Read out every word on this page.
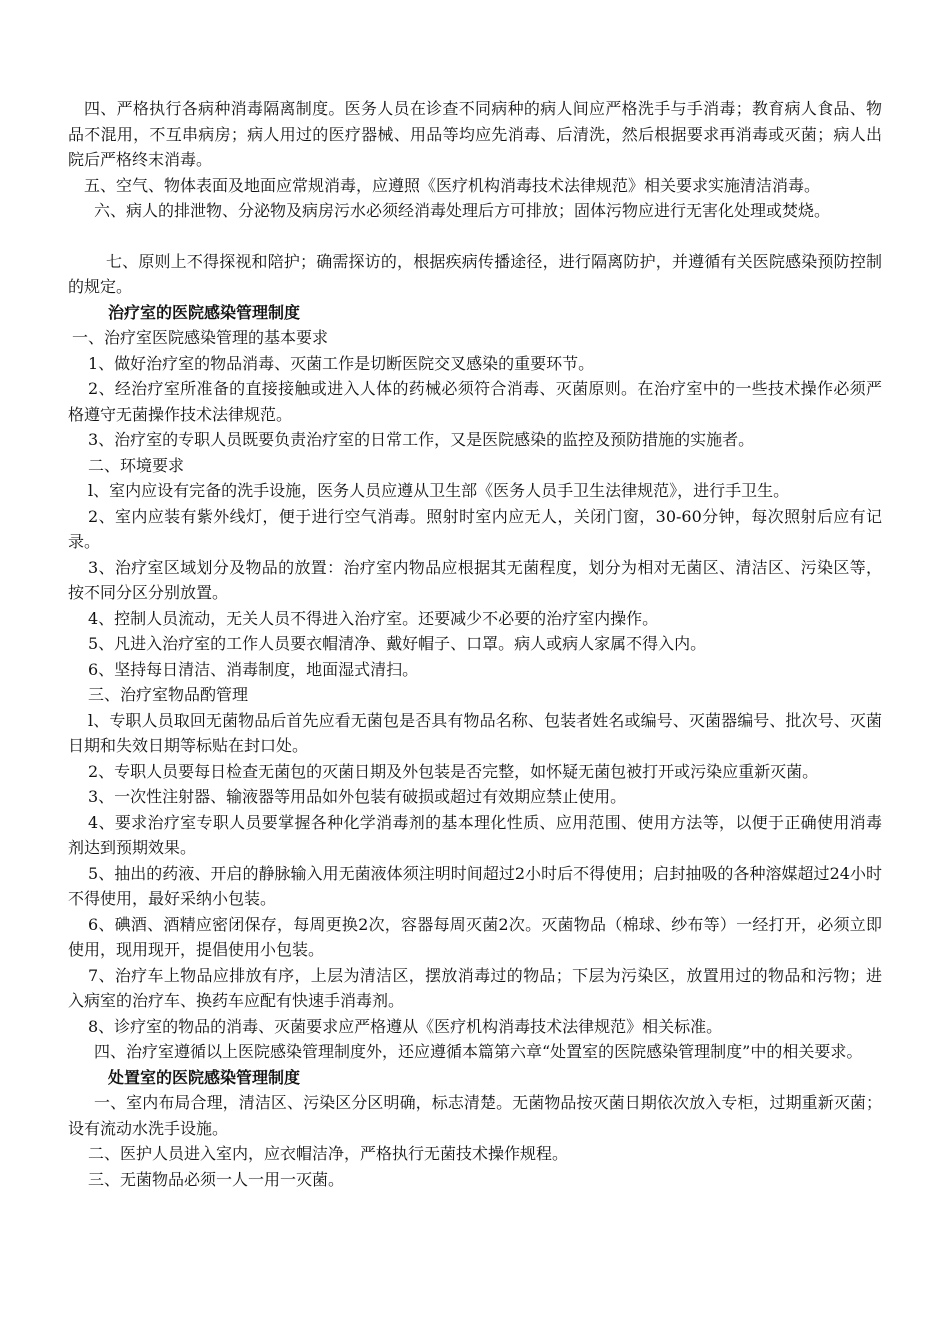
四、严格执行各病种消毒隔离制度。医务人员在诊查不同病种的病人间应严格洗手与手消毒；教育病人食品、物品不混用，不互串病房；病人用过的医疗器械、用品等均应先消毒、后清洗，然后根据要求再消毒或灭菌；病人出院后严格终末消毒。

五、空气、物体表面及地面应常规消毒，应遵照《医疗机构消毒技术法律规范》相关要求实施清洁消毒。

六、病人的排泄物、分泌物及病房污水必须经消毒处理后方可排放；固体污物应进行无害化处理或焚烧。

七、原则上不得探视和陪护；确需探访的，根据疾病传播途径，进行隔离防护，并遵循有关医院感染预防控制的规定。

治疗室的医院感染管理制度

一、治疗室医院感染管理的基本要求

1、做好治疗室的物品消毒、灭菌工作是切断医院交叉感染的重要环节。

2、经治疗室所准备的直接接触或进入人体的药械必须符合消毒、灭菌原则。在治疗室中的一些技术操作必须严格遵守无菌操作技术法律规范。

3、治疗室的专职人员既要负责治疗室的日常工作，又是医院感染的监控及预防措施的实施者。

二、环境要求

l、室内应设有完备的洗手设施，医务人员应遵从卫生部《医务人员手卫生法律规范》，进行手卫生。

2、室内应装有紫外线灯，便于进行空气消毒。照射时室内应无人，关闭门窗，30-60分钟，每次照射后应有记录。

3、治疗室区域划分及物品的放置：治疗室内物品应根据其无菌程度，划分为相对无菌区、清洁区、污染区等，按不同分区分别放置。

4、控制人员流动，无关人员不得进入治疗室。还要减少不必要的治疗室内操作。

5、凡进入治疗室的工作人员要衣帽清净、戴好帽子、口罩。病人或病人家属不得入内。

6、坚持每日清洁、消毒制度，地面湿式清扫。

三、治疗室物品酌管理

l、专职人员取回无菌物品后首先应看无菌包是否具有物品名称、包装者姓名或编号、灭菌器编号、批次号、灭菌日期和失效日期等标贴在封口处。

2、专职人员要每日检查无菌包的灭菌日期及外包装是否完整，如怀疑无菌包被打开或污染应重新灭菌。

3、一次性注射器、输液器等用品如外包装有破损或超过有效期应禁止使用。

4、要求治疗室专职人员要掌握各种化学消毒剂的基本理化性质、应用范围、使用方法等，以便于正确使用消毒剂达到预期效果。

5、抽出的药液、开启的静脉输入用无菌液体须注明时间超过2小时后不得使用；启封抽吸的各种溶媒超过24小时不得使用，最好采纳小包装。

6、碘酒、酒精应密闭保存，每周更换2次，容器每周灭菌2次。灭菌物品（棉球、纱布等）一经打开，必须立即使用，现用现开，提倡使用小包装。

7、治疗车上物品应排放有序，上层为清洁区，摆放消毒过的物品；下层为污染区，放置用过的物品和污物；进入病室的治疗车、换药车应配有快速手消毒剂。

8、诊疗室的物品的消毒、灭菌要求应严格遵从《医疗机构消毒技术法律规范》相关标准。

四、治疗室遵循以上医院感染管理制度外，还应遵循本篇第六章“处置室的医院感染管理制度”中的相关要求。

处置室的医院感染管理制度

一、室内布局合理，清洁区、污染区分区明确，标志清楚。无菌物品按灭菌日期依次放入专柜，过期重新灭菌；设有流动水洗手设施。

二、医护人员进入室内，应衣帽洁净，严格执行无菌技术操作规程。

三、无菌物品必须一人一用一灭菌。
